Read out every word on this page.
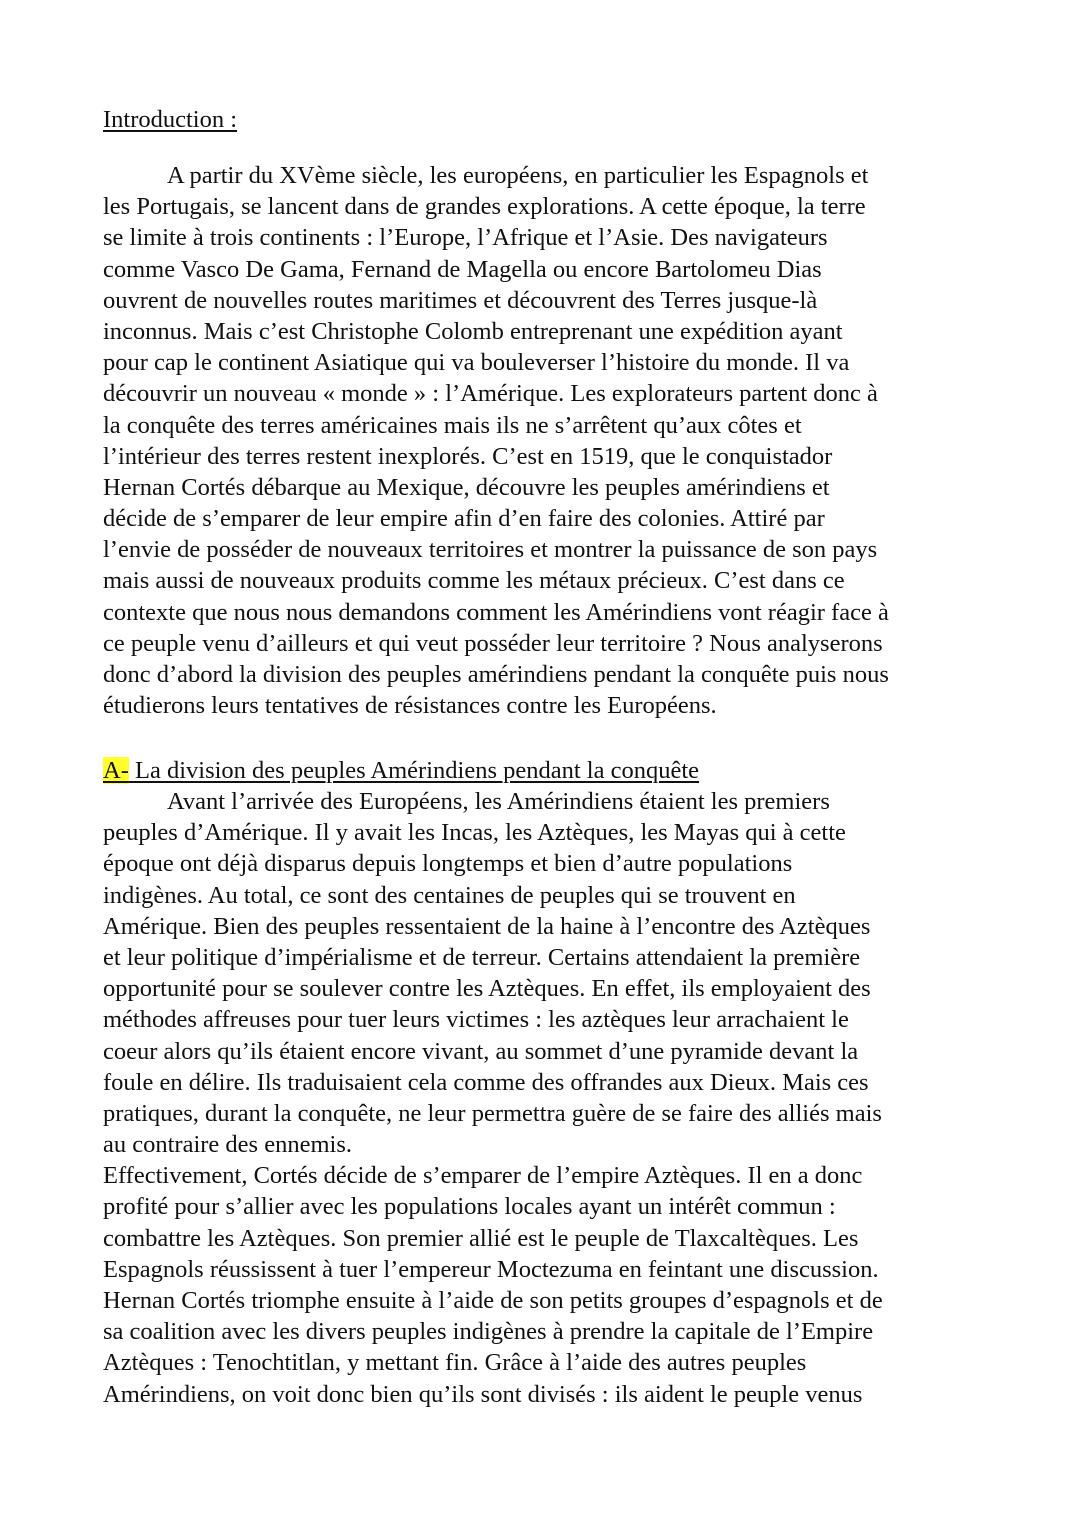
Introduction :
A partir du XVème siècle, les européens, en particulier les Espagnols et
les Portugais, se lancent dans de grandes explorations. A cette époque, la terre
se limite à trois continents : l’Europe, l’Afrique et l’Asie. Des navigateurs
comme Vasco De Gama, Fernand de Magella ou encore Bartolomeu Dias
ouvrent de nouvelles routes maritimes et découvrent des Terres jusque-là
inconnus. Mais c’est Christophe Colomb entreprenant une expédition ayant
pour cap le continent Asiatique qui va bouleverser l’histoire du monde. Il va
découvrir un nouveau « monde » : l’Amérique. Les explorateurs partent donc à
la conquête des terres américaines mais ils ne s’arrêtent qu’aux côtes et
l’intérieur des terres restent inexplorés. C’est en 1519, que le conquistador
Hernan Cortés débarque au Mexique, découvre les peuples amérindiens et
décide de s’emparer de leur empire afin d’en faire des colonies. Attiré par
l’envie de posséder de nouveaux territoires et montrer la puissance de son pays
mais aussi de nouveaux produits comme les métaux précieux. C’est dans ce
contexte que nous nous demandons comment les Amérindiens vont réagir face à
ce peuple venu d’ailleurs et qui veut posséder leur territoire ? Nous analyserons
donc d’abord la division des peuples amérindiens pendant la conquête puis nous
étudierons leurs tentatives de résistances contre les Européens.
A- La division des peuples Amérindiens pendant la conquête
Avant l’arrivée des Européens, les Amérindiens étaient les premiers
peuples d’Amérique. Il y avait les Incas, les Aztèques, les Mayas qui à cette
époque ont déjà disparus depuis longtemps et bien d’autre populations
indigènes. Au total, ce sont des centaines de peuples qui se trouvent en
Amérique. Bien des peuples ressentaient de la haine à l’encontre des Aztèques
et leur politique d’impérialisme et de terreur. Certains attendaient la première
opportunité pour se soulever contre les Aztèques. En effet, ils employaient des
méthodes affreuses pour tuer leurs victimes : les aztèques leur arrachaient le
coeur alors qu’ils étaient encore vivant, au sommet d’une pyramide devant la
foule en délire. Ils traduisaient cela comme des offrandes aux Dieux. Mais ces
pratiques, durant la conquête, ne leur permettra guère de se faire des alliés mais
au contraire des ennemis.
Effectivement, Cortés décide de s’emparer de l’empire Aztèques. Il en a donc
profité pour s’allier avec les populations locales ayant un intérêt commun :
combattre les Aztèques. Son premier allié est le peuple de Tlaxcaltèques. Les
Espagnols réussissent à tuer l’empereur Moctezuma en feintant une discussion.
Hernan Cortés triomphe ensuite à l’aide de son petits groupes d’espagnols et de
sa coalition avec les divers peuples indigènes à prendre la capitale de l’Empire
Aztèques : Tenochtitlan, y mettant fin. Grâce à l’aide des autres peuples
Amérindiens, on voit donc bien qu’ils sont divisés : ils aident le peuple venus
